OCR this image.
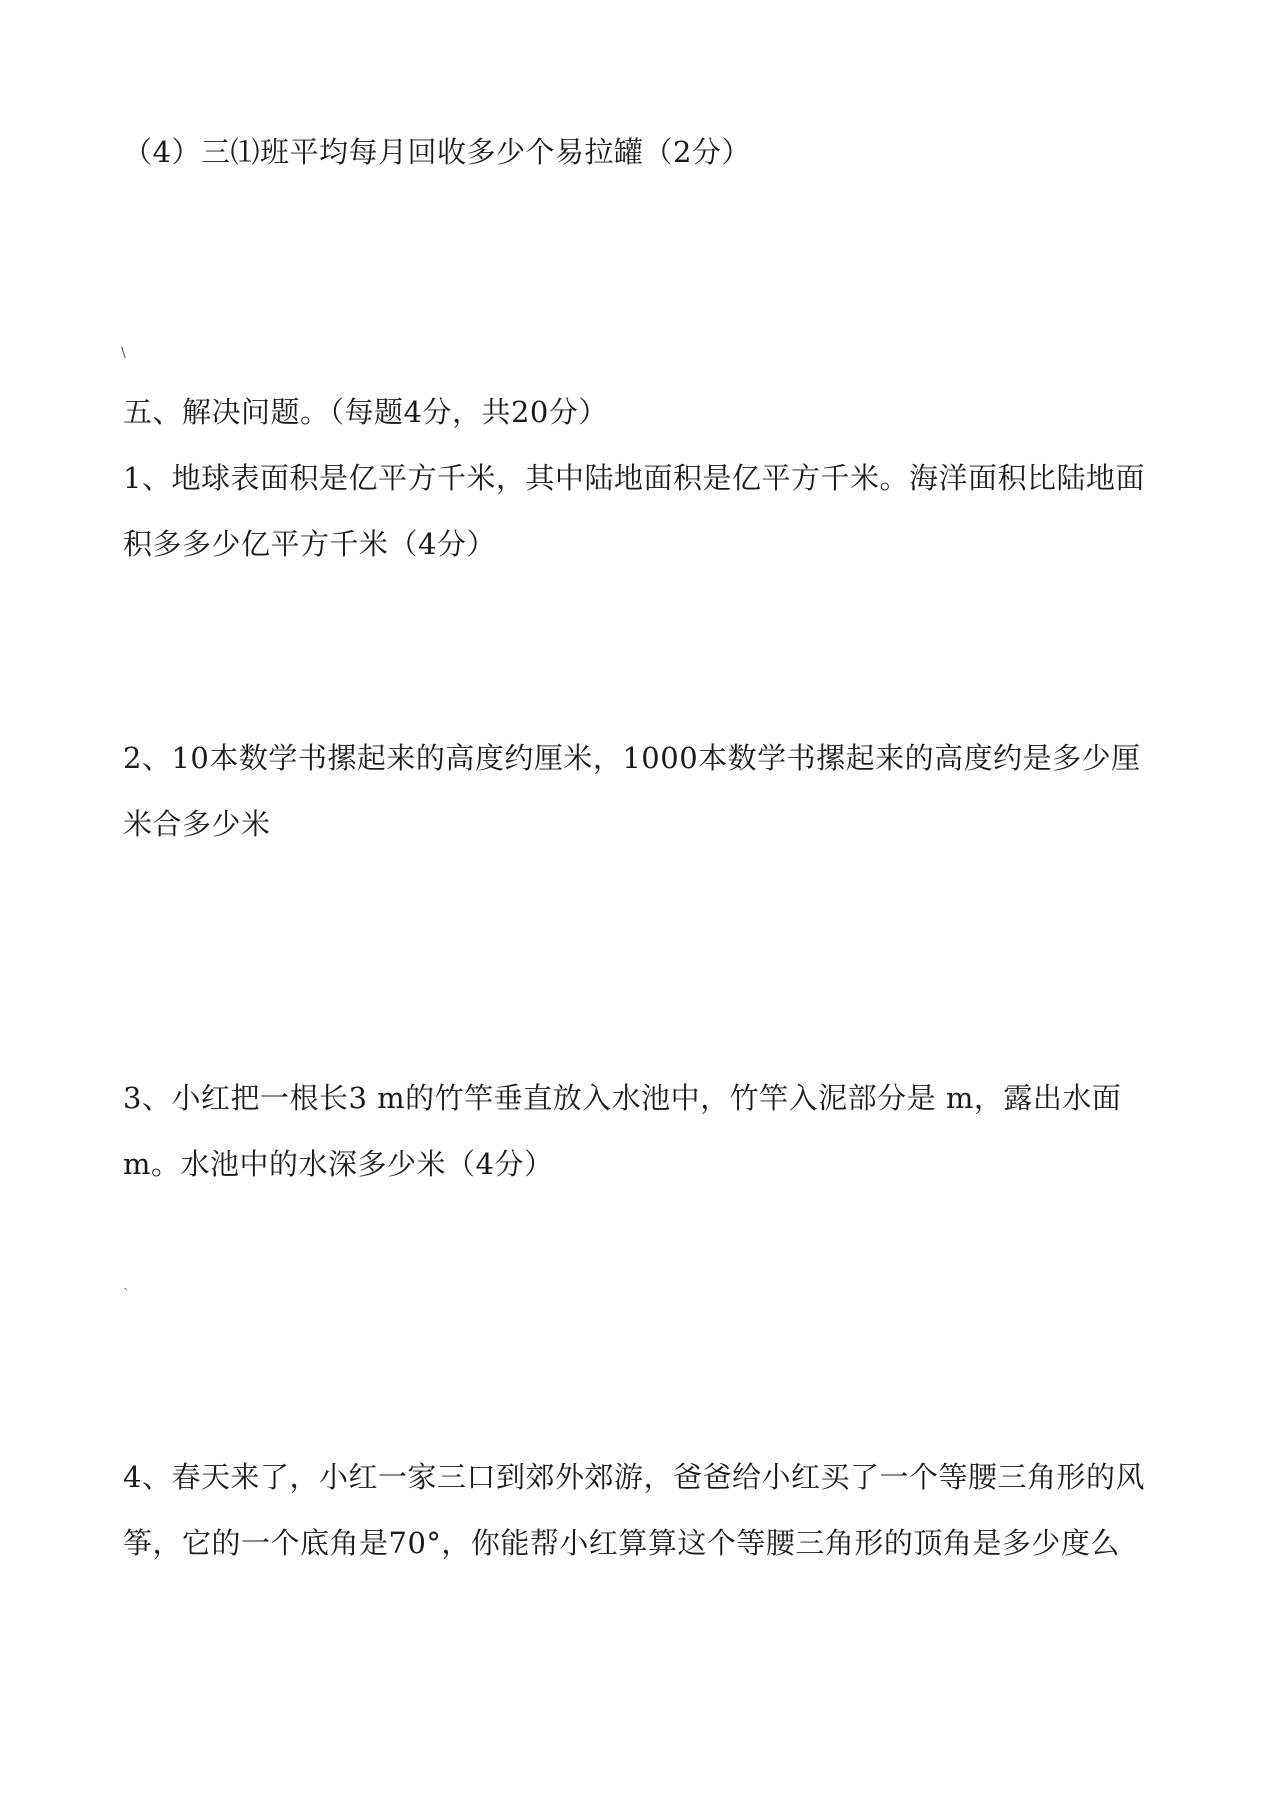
（4）三⑴班平均每月回收多少个易拉罐（2分）

\

五、解决问题。（每题4分，共20分）

1、地球表面积是亿平方千米，其中陆地面积是亿平方千米。海洋面积比陆地面

积多多少亿平方千米（4分）

2、10本数学书摞起来的高度约厘米，1000本数学书摞起来的高度约是多少厘

米合多少米

3、小红把一根长3 m的竹竿垂直放入水池中，竹竿入泥部分是 m，露出水面

m。水池中的水深多少米（4分）

`

4、春天来了，小红一家三口到郊外郊游，爸爸给小红买了一个等腰三角形的风

筝，它的一个底角是70°，你能帮小红算算这个等腰三角形的顶角是多少度么
